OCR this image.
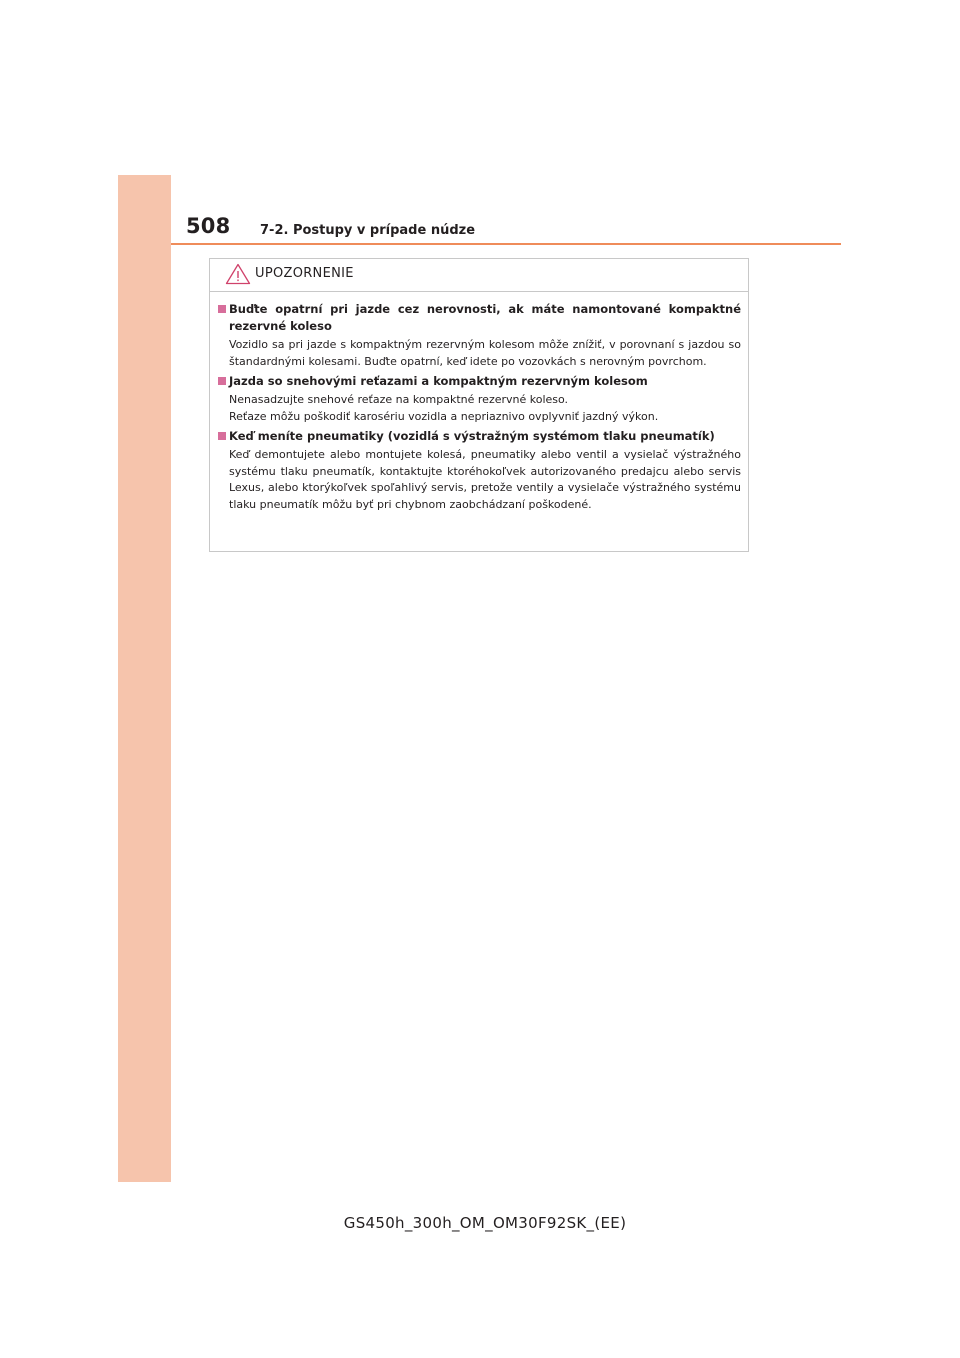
508 7-2. Postupy v prípade núdze
UPOZORNENIE
Buďte opatrní pri jazde cez nerovnosti, ak máte namontované kompaktné rezervné koleso
Vozidlo sa pri jazde s kompaktným rezervným kolesom môže znížiť, v porovnaní s jazdou so štandardnými kolesami. Buďte opatrní, keď idete po vozovkách s nerovným povrchom.
Jazda so snehovými reťazami a kompaktným rezervným kolesom
Nenasadzujte snehové reťaze na kompaktné rezervné koleso.
Reťaze môžu poškodiť karosériu vozidla a nepriaznivo ovplyvniť jazdný výkon.
Keď meníte pneumatiky (vozidlá s výstražným systémom tlaku pneumatík)
Keď demontujete alebo montujete kolesá, pneumatiky alebo ventil a vysielač výstražného systému tlaku pneumatík, kontaktujte ktoréhokoľvek autorizovaného predajcu alebo servis Lexus, alebo ktorýkoľvek spoľahlivý servis, pretože ventily a vysielače výstražného systému tlaku pneumatík môžu byť pri chybnom zaobchádzaní poškodené.
GS450h_300h_OM_OM30F92SK_(EE)
